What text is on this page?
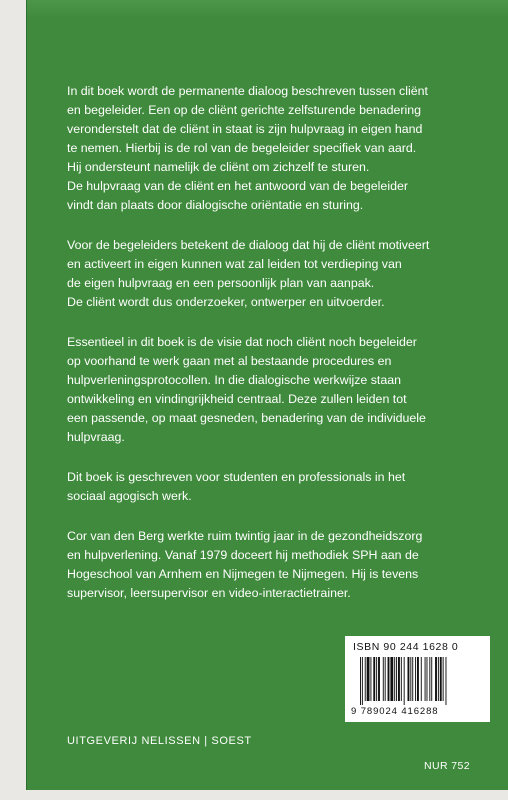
In dit boek wordt de permanente dialoog beschreven tussen cliënt
en begeleider. Een op de cliënt gerichte zelfsturende benadering
veronderstelt dat de cliënt in staat is zijn hulpvraag in eigen hand
te nemen. Hierbij is de rol van de begeleider specifiek van aard.
Hij ondersteunt namelijk de cliënt om zichzelf te sturen.
De hulpvraag van de cliënt en het antwoord van de begeleider
vindt dan plaats door dialogische oriëntatie en sturing.

Voor de begeleiders betekent de dialoog dat hij de cliënt motiveert
en activeert in eigen kunnen wat zal leiden tot verdieping van
de eigen hulpvraag en een persoonlijk plan van aanpak.
De cliënt wordt dus onderzoeker, ontwerper en uitvoerder.

Essentieel in dit boek is de visie dat noch cliënt noch begeleider
op voorhand te werk gaan met al bestaande procedures en
hulpverleningsprotocollen. In die dialogische werkwijze staan
ontwikkeling en vindingrijkheid centraal. Deze zullen leiden tot
een passende, op maat gesneden, benadering van de individuele
hulpvraag.

Dit boek is geschreven voor studenten en professionals in het
sociaal agogisch werk.

Cor van den Berg werkte ruim twintig jaar in de gezondheidszorg
en hulpverlening. Vanaf 1979 doceert hij methodiek SPH aan de
Hogeschool van Arnhem en Nijmegen te Nijmegen. Hij is tevens
supervisor, leersupervisor en video-interactietrainer.

ISBN 90 244 1628 0
9 789024 416288
UITGEVERIJ NELISSEN | SOEST
NUR 752
